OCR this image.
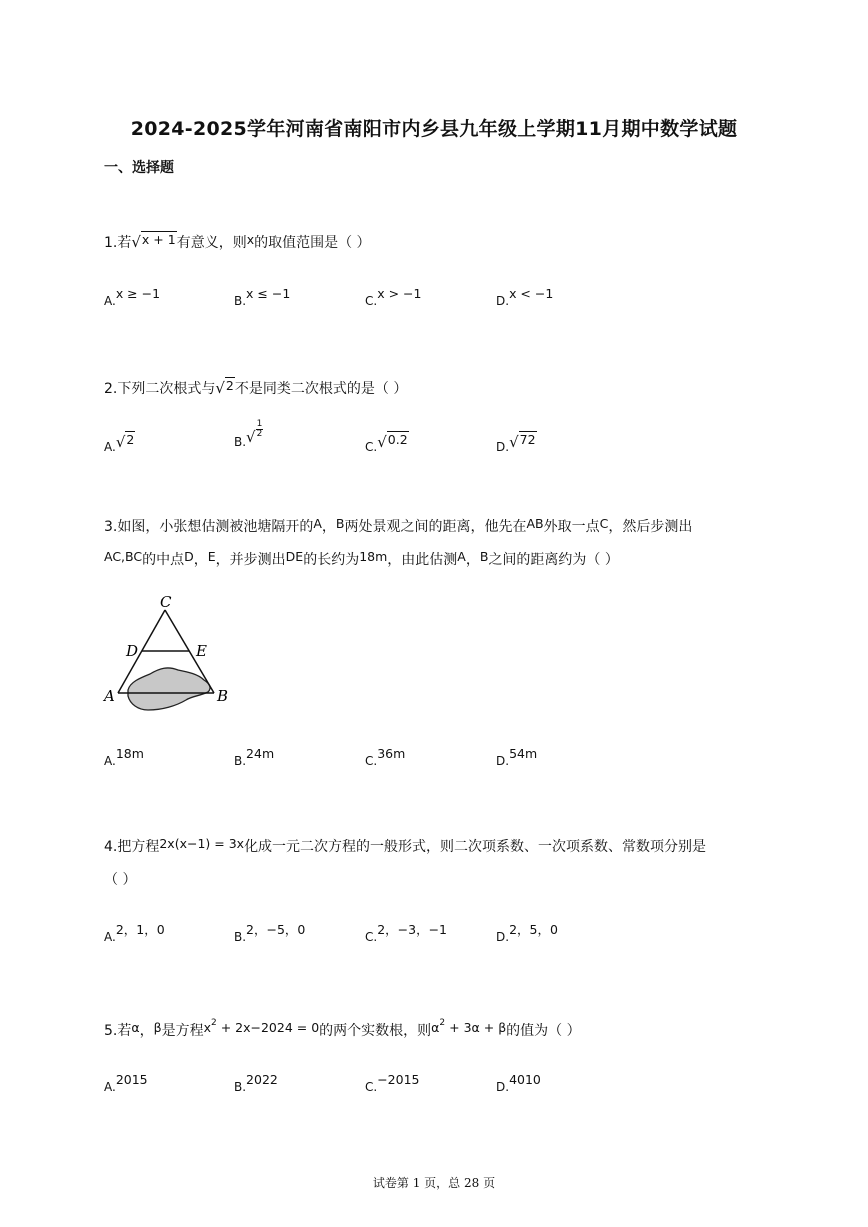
2024-2025学年河南省南阳市内乡县九年级上学期11月期中数学试题
一、选择题
1.若√x + 1有意义，则x的取值范围是（ ）
A.x ≥ −1	B.x ≤ −1	C.x > −1	D.x < −1
2.下列二次根式与√2不是同类二次根式的是（ ）
A.√2	$B.√ \frac{1}{2}$
C.√0.2	D.√72
3.如图，小张想估测被池塘隔开的A，B两处景观之间的距离，他先在AB外取一点C，然后步测出
AC,BC的中点D，E，并步测出DE的长约为18m，由此估测A，B之间的距离约为（ ）
C
D	E
A	B
A.18m	B.24m	C.36m	D.54m
4.把方程2x(x−1) = 3x化成一元二次方程的一般形式，则二次项系数、一次项系数、常数项分别是
（ ）
A.2，1，0	B.2，−5，0	C.2，−3，−1	D.2，5，0
5.若α，β是方程$x^2 + 2x-2024 = 0$的两个实数根，则$\alpha^2 + 3\alpha + \beta$的值为（ ）
A.2015	B.2022	C.−2015	D.4010
试卷第 1 页，总 28 页
